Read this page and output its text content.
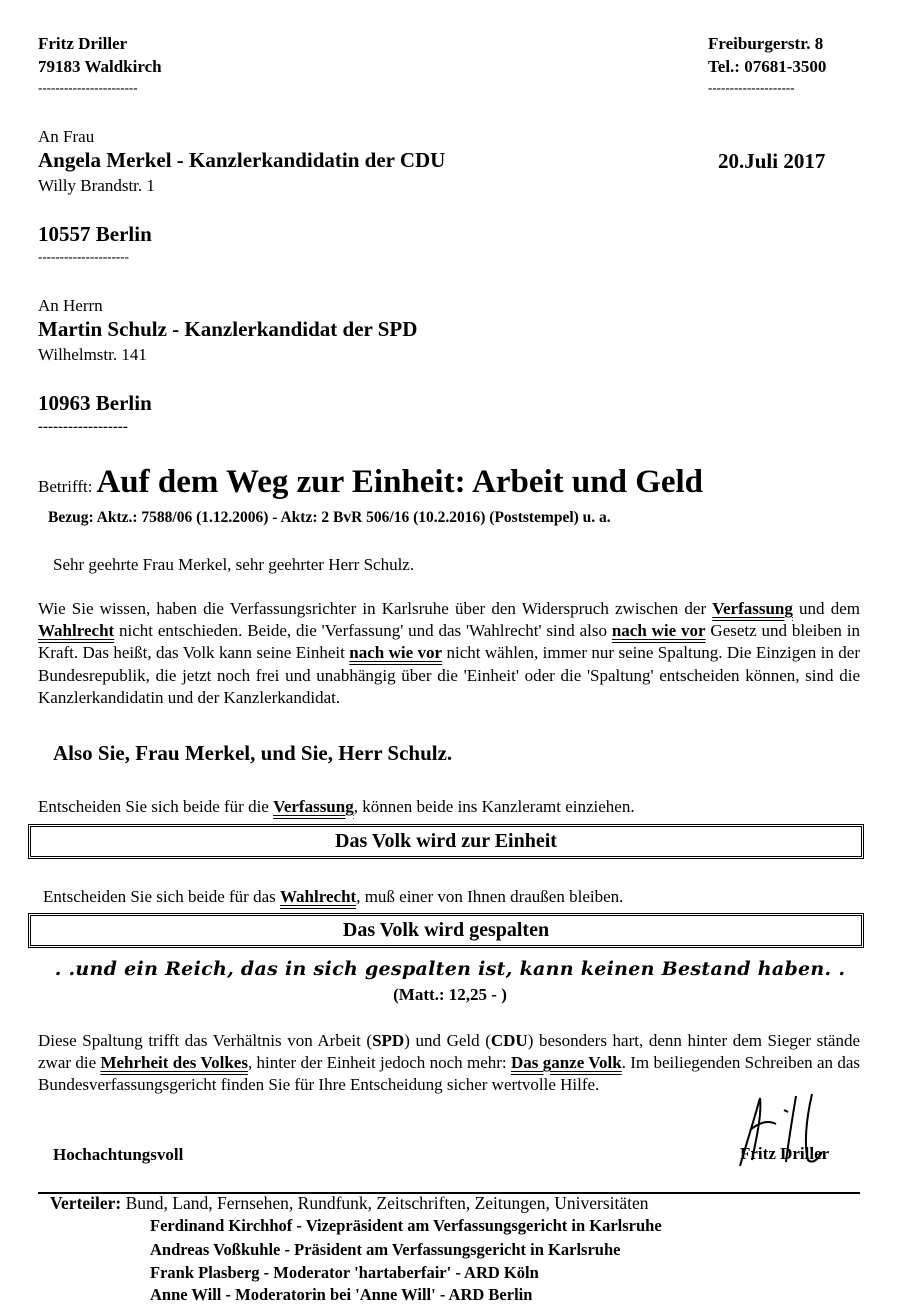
Fritz Driller
79183 Waldkirch
-----------------------
Freiburgerstr. 8
Tel.: 07681-3500
--------------------
An Frau
Angela Merkel - Kanzlerkandidatin der CDU
Willy Brandstr. 1
20.Juli 2017
10557 Berlin
---------------------
An Herrn
Martin Schulz - Kanzlerkandidat der SPD
Wilhelmstr. 141
10963 Berlin
------------------
Betrifft: Auf dem Weg zur Einheit: Arbeit und Geld
Bezug: Aktz.: 7588/06 (1.12.2006) - Aktz: 2 BvR 506/16 (10.2.2016) (Poststempel) u. a.
Sehr geehrte Frau Merkel, sehr geehrter Herr Schulz.
Wie Sie wissen, haben die Verfassungsrichter in Karlsruhe über den Widerspruch zwischen der Verfassung und dem Wahlrecht nicht entschieden. Beide, die 'Verfassung' und das 'Wahlrecht' sind also nach wie vor Gesetz und bleiben in Kraft. Das heißt, das Volk kann seine Einheit nach wie vor nicht wählen, immer nur seine Spaltung. Die Einzigen in der Bundesrepublik, die jetzt noch frei und unabhängig über die 'Einheit' oder die 'Spaltung' entscheiden können, sind die Kanzlerkandidatin und der Kanzlerkandidat.
Also Sie, Frau Merkel, und Sie, Herr Schulz.
Entscheiden Sie sich beide für die Verfassung, können beide ins Kanzleramt einziehen.
Das Volk wird zur Einheit
Entscheiden Sie sich beide für das Wahlrecht, muß einer von Ihnen draußen bleiben.
Das Volk wird gespalten
. .und ein Reich, das in sich gespalten ist, kann keinen Bestand haben. .
(Matt.: 12,25 - )
Diese Spaltung trifft das Verhältnis von Arbeit (SPD) und Geld (CDU) besonders hart, denn hinter dem Sieger stände zwar die Mehrheit des Volkes, hinter der Einheit jedoch noch mehr: Das ganze Volk. Im beiliegenden Schreiben an das Bundesverfassungsgericht finden Sie für Ihre Entscheidung sicher wertvolle Hilfe.
Hochachtungsvoll	Fritz Driller
Verteiler: Bund, Land, Fernsehen, Rundfunk, Zeitschriften, Zeitungen, Universitäten
Ferdinand Kirchhof - Vizepräsident am Verfassungsgericht in Karlsruhe
Andreas Voßkuhle - Präsident am Verfassungsgericht in Karlsruhe
Frank Plasberg - Moderator 'hartaberfair' - ARD Köln
Anne Will - Moderatorin bei 'Anne Will' - ARD Berlin
